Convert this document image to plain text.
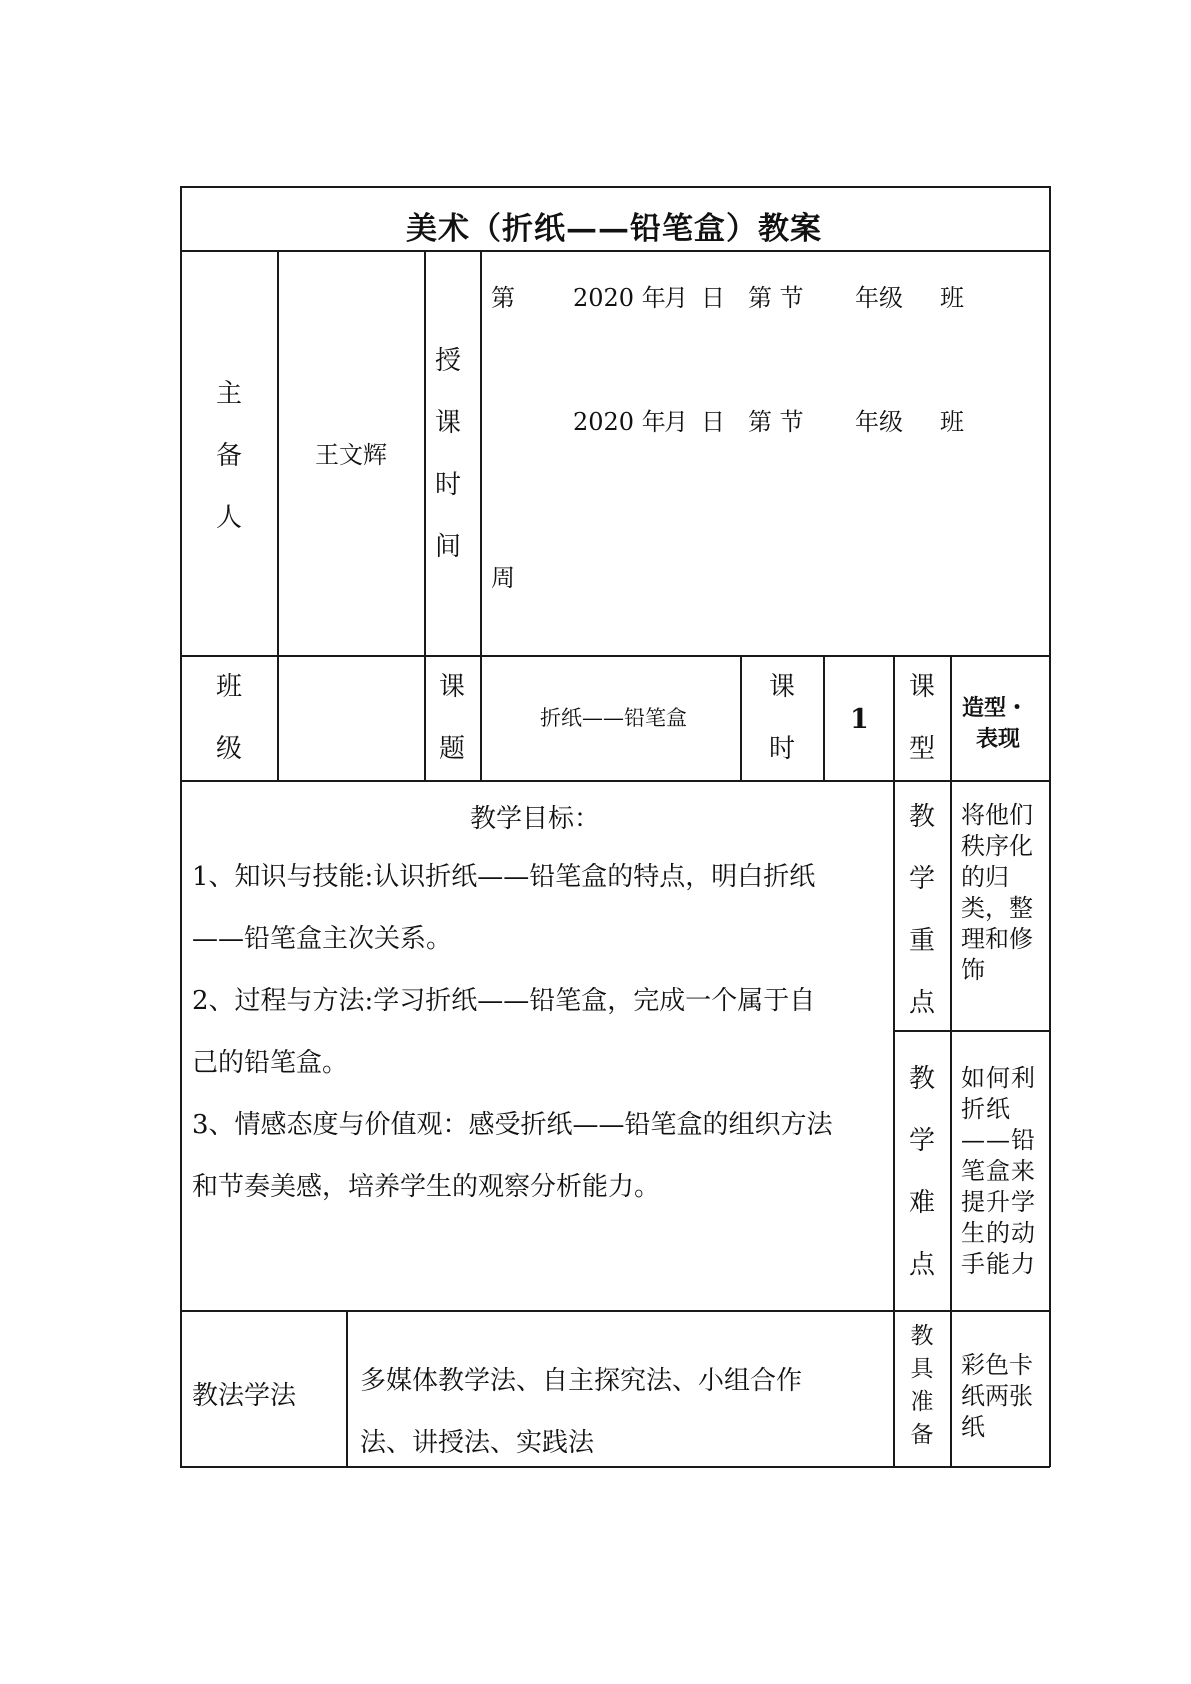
美术（折纸——铅笔盒）教案
主
备
人
王文辉
授
课
时
间
第 2020 年
月 日 第 节 年级 班
2020 年
月 日 第 节 年级 班
周
班
级
课
题
折纸——铅笔盒
课
时
1
课
型
造型・
表现
教学目标：
1、知识与技能:认识折纸——铅笔盒的特点，明白折纸
——铅笔盒主次关系。
2、过程与方法:学习折纸——铅笔盒，完成一个属于自
己的铅笔盒。
3、情感态度与价值观：感受折纸——铅笔盒的组织方法
和节奏美感，培养学生的观察分析能力。
教
学
重
点
将他们秩序化的归类，整理和修饰
教
学
难
点
如何利折纸——铅笔盒来提升学生的动手能力
教法学法 多媒体教学法、自主探究法、小组合作
法、讲授法、实践法
教
具
准
备
彩色卡纸两张纸
